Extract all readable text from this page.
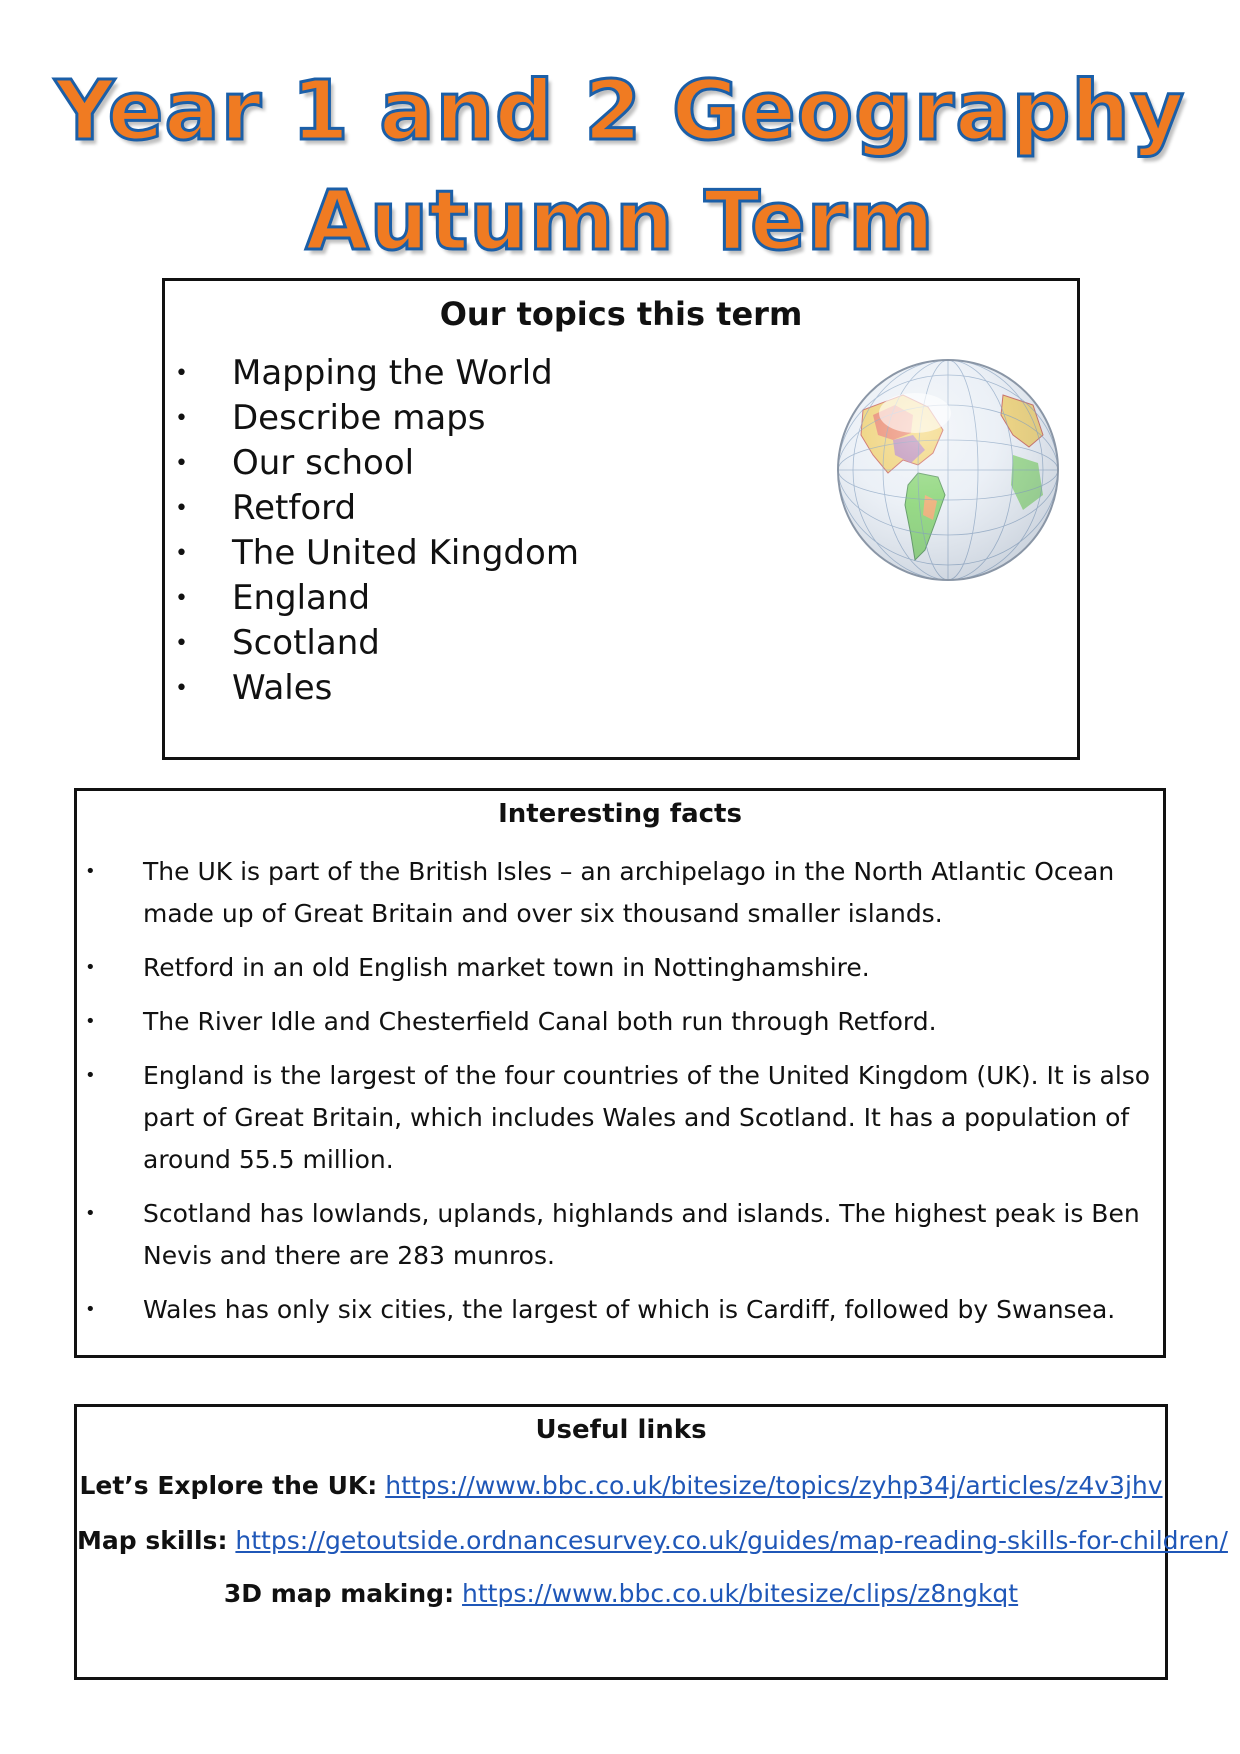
Year 1 and 2 Geography
Autumn Term
Our topics this term
• Mapping the World
• Describe maps
• Our school
• Retford
• The United Kingdom
• England
• Scotland
• Wales
Interesting facts
• The UK is part of the British Isles – an archipelago in the North Atlantic Ocean made up of Great Britain and over six thousand smaller islands.
• Retford in an old English market town in Nottinghamshire.
• The River Idle and Chesterfield Canal both run through Retford.
• England is the largest of the four countries of the United Kingdom (UK). It is also part of Great Britain, which includes Wales and Scotland. It has a population of around 55.5 million.
• Scotland has lowlands, uplands, highlands and islands. The highest peak is Ben Nevis and there are 283 munros.
• Wales has only six cities, the largest of which is Cardiff, followed by Swansea.
Useful links
Let’s Explore the UK: https://www.bbc.co.uk/bitesize/topics/zyhp34j/articles/z4v3jhv
Map skills: https://getoutside.ordnancesurvey.co.uk/guides/map-reading-skills-for-children/
3D map making: https://www.bbc.co.uk/bitesize/clips/z8ngkqt
